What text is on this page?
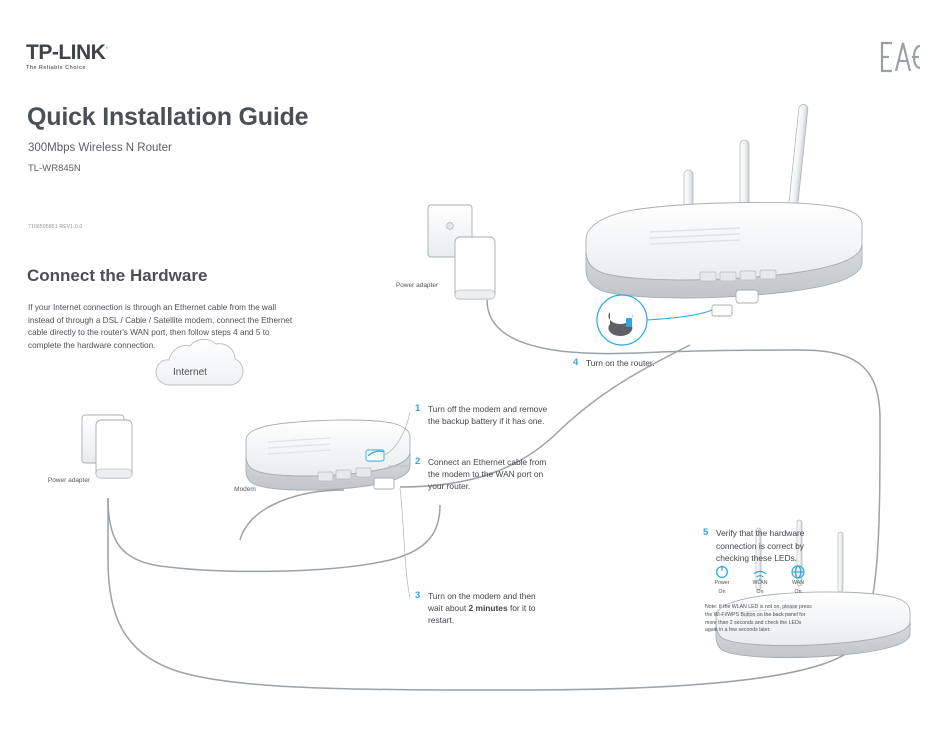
TP-LINK·
The Reliable Choice
Quick Installation Guide
300Mbps Wireless N Router
TL-WR845N
7106505851 REV1.0.0
Connect the Hardware
If your Internet connection is through an Ethernet cable from the wall instead of through a DSL / Cable / Satellite modem, connect the Ethernet cable directly to the router's WAN port, then follow steps 4 and 5 to complete the hardware connection.
Power adapter
Power adapter
Modem
Internet
1 Turn off the modem and remove the backup battery if it has one.
2 Connect an Ethernet cable from the modem to the WAN port on your router.
3 Turn on the modem and then wait about 2 minutes for it to restart.
4 Turn on the router.
5 Verify that the hardware connection is correct by checking these LEDs.
Power
On
WLAN
On
WAN
On
Note: If the WLAN LED is not on, please press the Wi-Fi/WPS Button on the back panel for more than 2 seconds and check the LEDs again in a few seconds later.
